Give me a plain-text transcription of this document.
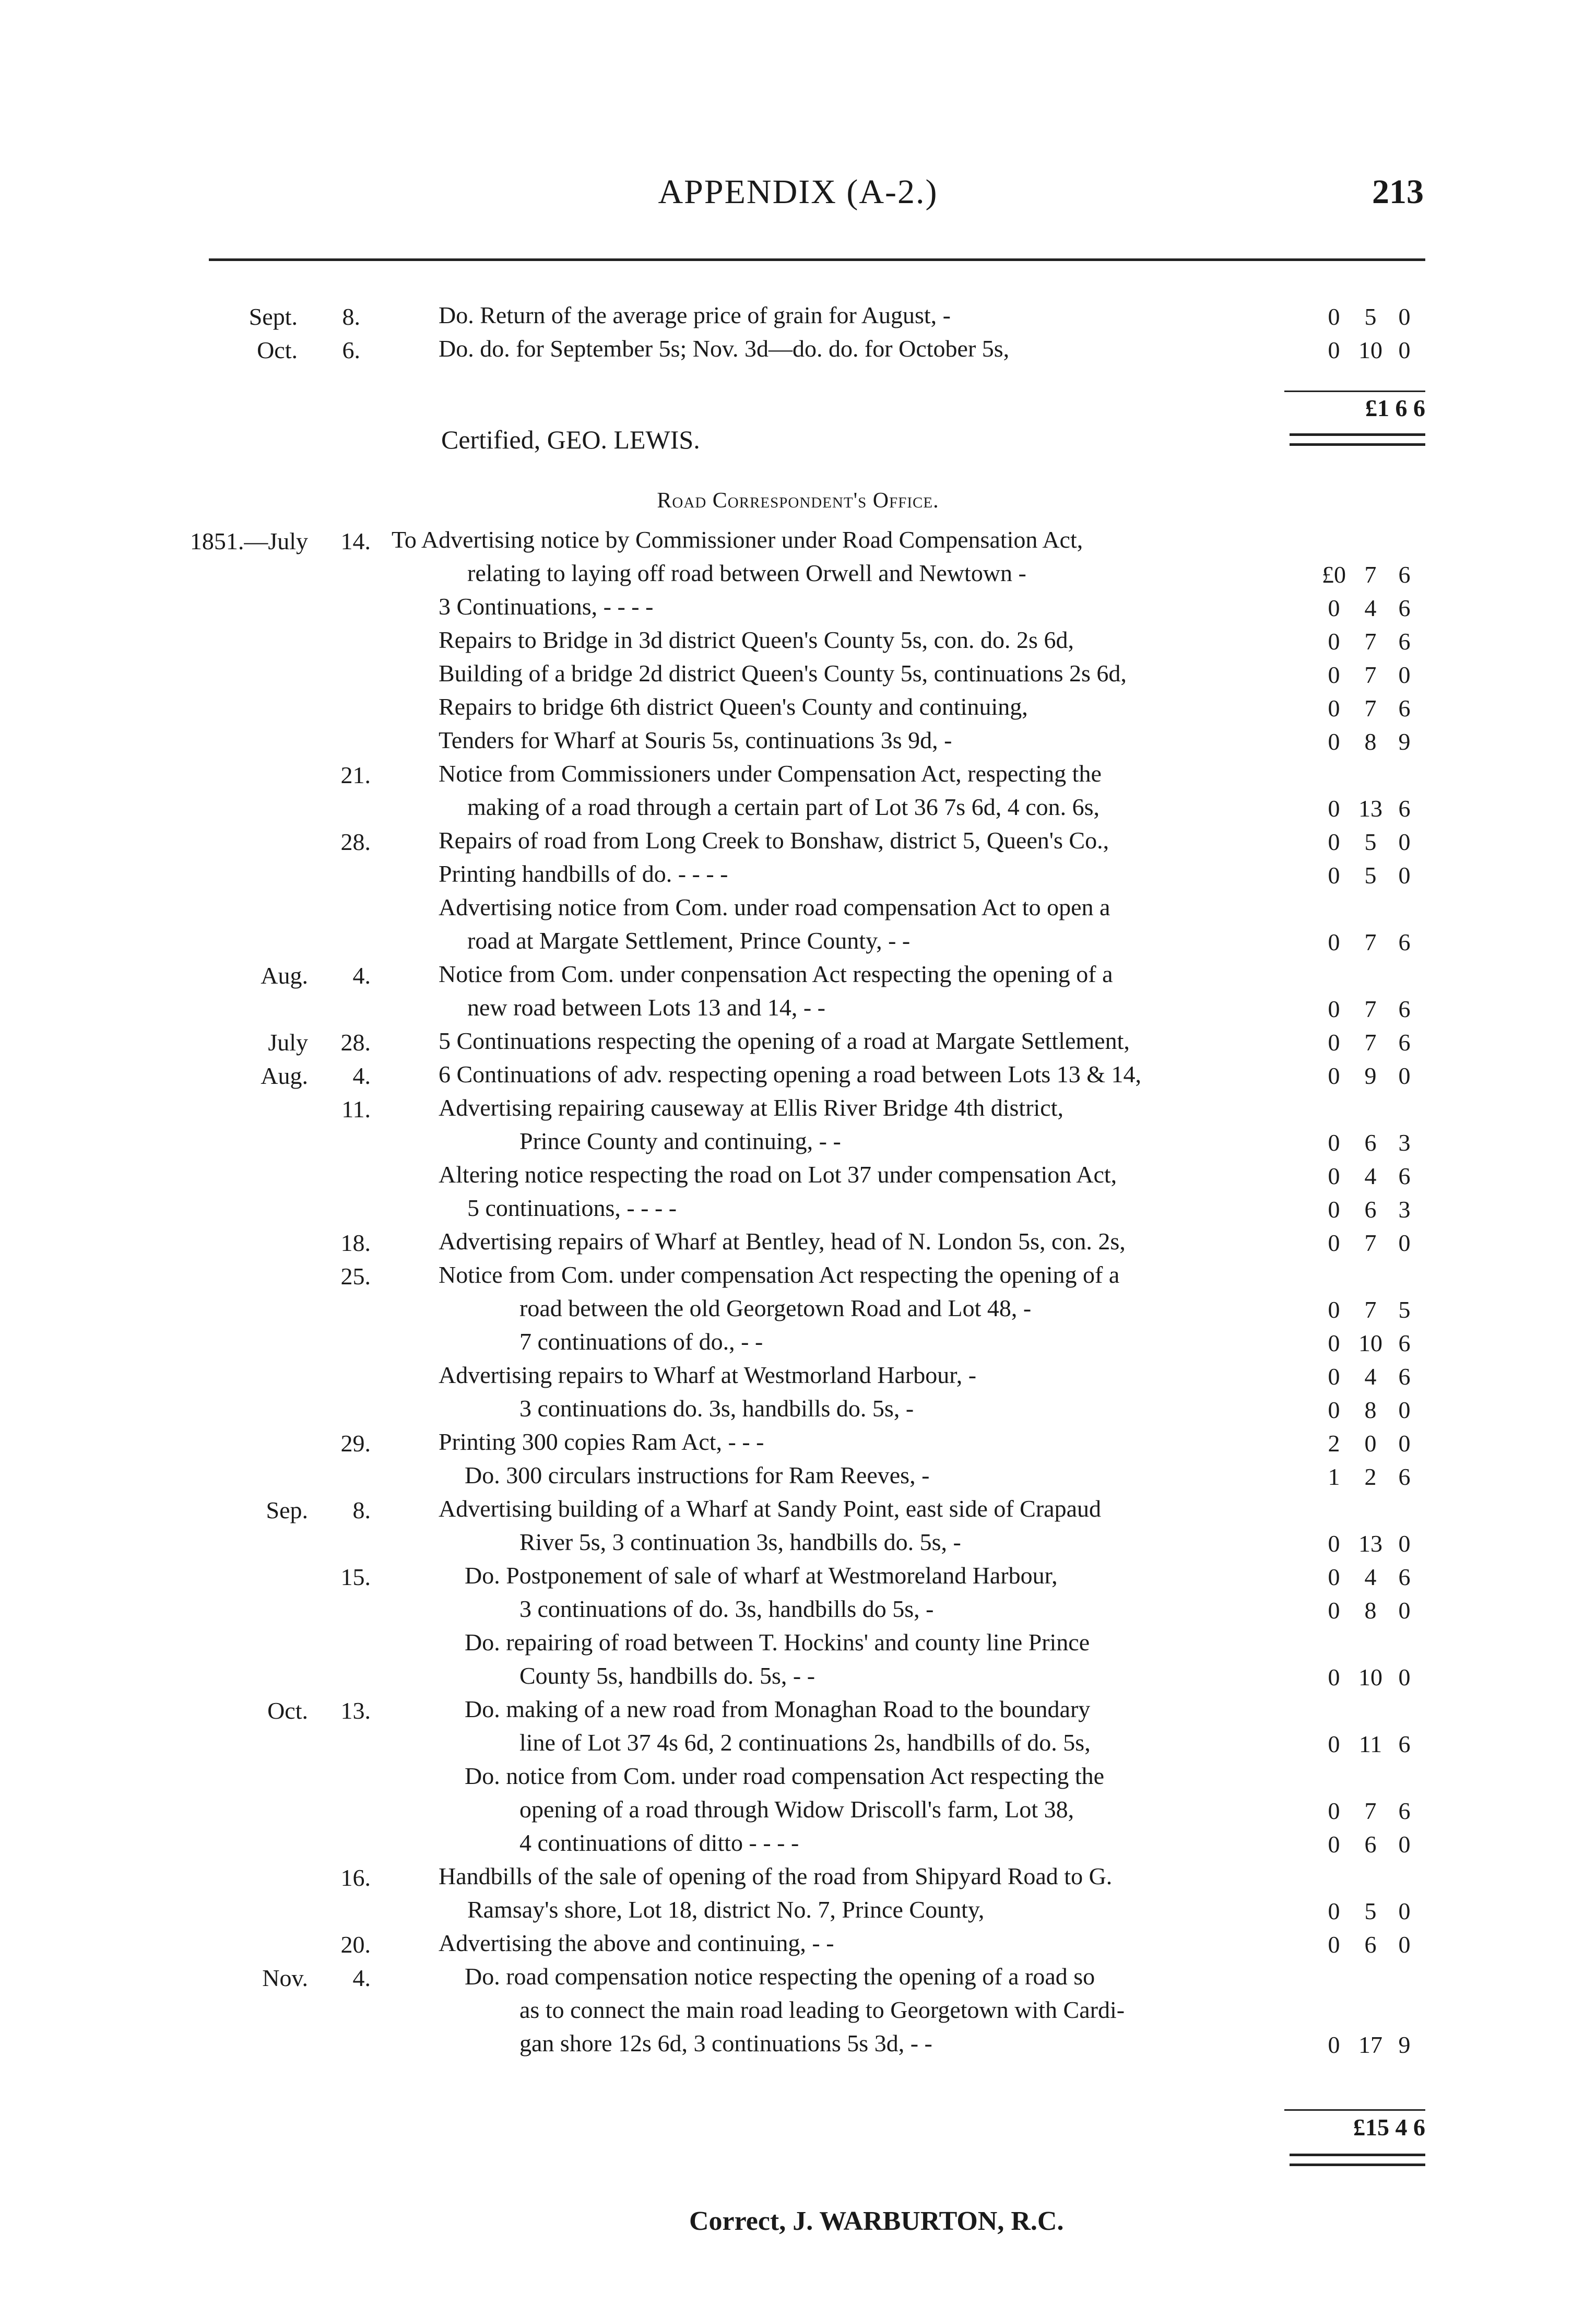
APPENDIX (A-2.)	213
Sept.	8.	Do. Return of the average price of grain for August, -	0	5 0
Oct.	6.	Do. do. for September 5s; Nov. 3d—do. do. for October 5s,	0 10 0
£1 6 6
Certified, GEO. LEWIS.
Road Correspondent's Office.
1851.—July	14. To Advertising notice by Commissioner under Road Compensation Act,
relating to laying off road between Orwell and Newtown -	£0 7 6
3 Continuations, - - - -	0	4 6
Repairs to Bridge in 3d district Queen's County 5s, con. do. 2s 6d,	0	7 6
Building of a bridge 2d district Queen's County 5s, continuations 2s 6d,	0	7 0
Repairs to bridge 6th district Queen's County and continuing,	0	7 6
Tenders for Wharf at Souris 5s, continuations 3s 9d, -	0	8 9
21.	Notice from Commissioners under Compensation Act, respecting the
making of a road through a certain part of Lot 36 7s 6d, 4 con. 6s,	0 13 6
28.	Repairs of road from Long Creek to Bonshaw, district 5, Queen's Co.,	0	5 0
Printing handbills of do. - - - -	0	5 0
Advertising notice from Com. under road compensation Act to open a
road at Margate Settlement, Prince County, - -	0	7 6
Aug.	4.	Notice from Com. under conpensation Act respecting the opening of a
new road between Lots 13 and 14, - -	0	7 6
July	28.	5 Continuations respecting the opening of a road at Margate Settlement,	0	7 6
Aug.	4.	6 Continuations of adv. respecting opening a road between Lots 13 & 14,	0	9 0
11.	Advertising repairing causeway at Ellis River Bridge 4th district,
Prince County and continuing, - -	0	6 3
Altering notice respecting the road on Lot 37 under compensation Act,	0	4 6
5 continuations, - - - -	0	6 3
18.	Advertising repairs of Wharf at Bentley, head of N. London 5s, con. 2s,	0	7 0
25.	Notice from Com. under compensation Act respecting the opening of a
road between the old Georgetown Road and Lot 48, -	0	7 5
7 continuations of do., - -	0 10 6
Advertising repairs to Wharf at Westmorland Harbour, -	0	4 6
3 continuations do. 3s, handbills do. 5s, -	0	8 0
29.	Printing 300 copies Ram Act, - - -	2	0 0
Do. 300 circulars instructions for Ram Reeves, -	1	2 6
Sep.	8.	Advertising building of a Wharf at Sandy Point, east side of Crapaud
River 5s, 3 continuation 3s, handbills do. 5s, -	0 13 0
15.	Do. Postponement of sale of wharf at Westmoreland Harbour,	0	4 6
3 continuations of do. 3s, handbills do 5s, -	0	8 0
Do. repairing of road between T. Hockins' and county line Prince
County 5s, handbills do. 5s, - -	0 10 0
Oct.	13.	Do. making of a new road from Monaghan Road to the boundary
line of Lot 37 4s 6d, 2 continuations 2s, handbills of do. 5s,	0 11 6
Do. notice from Com. under road compensation Act respecting the
opening of a road through Widow Driscoll's farm, Lot 38,	0	7 6
4 continuations of ditto - - - -	0	6 0
16.	Handbills of the sale of opening of the road from Shipyard Road to G.
Ramsay's shore, Lot 18, district No. 7, Prince County,	0	5 0
20.	Advertising the above and continuing, - -	0	6 0
Nov.	4.	Do. road compensation notice respecting the opening of a road so
as to connect the main road leading to Georgetown with Cardi-
gan shore 12s 6d, 3 continuations 5s 3d, - -	0 17 9
£15 4 6
Correct, J. WARBURTON, R.C.
